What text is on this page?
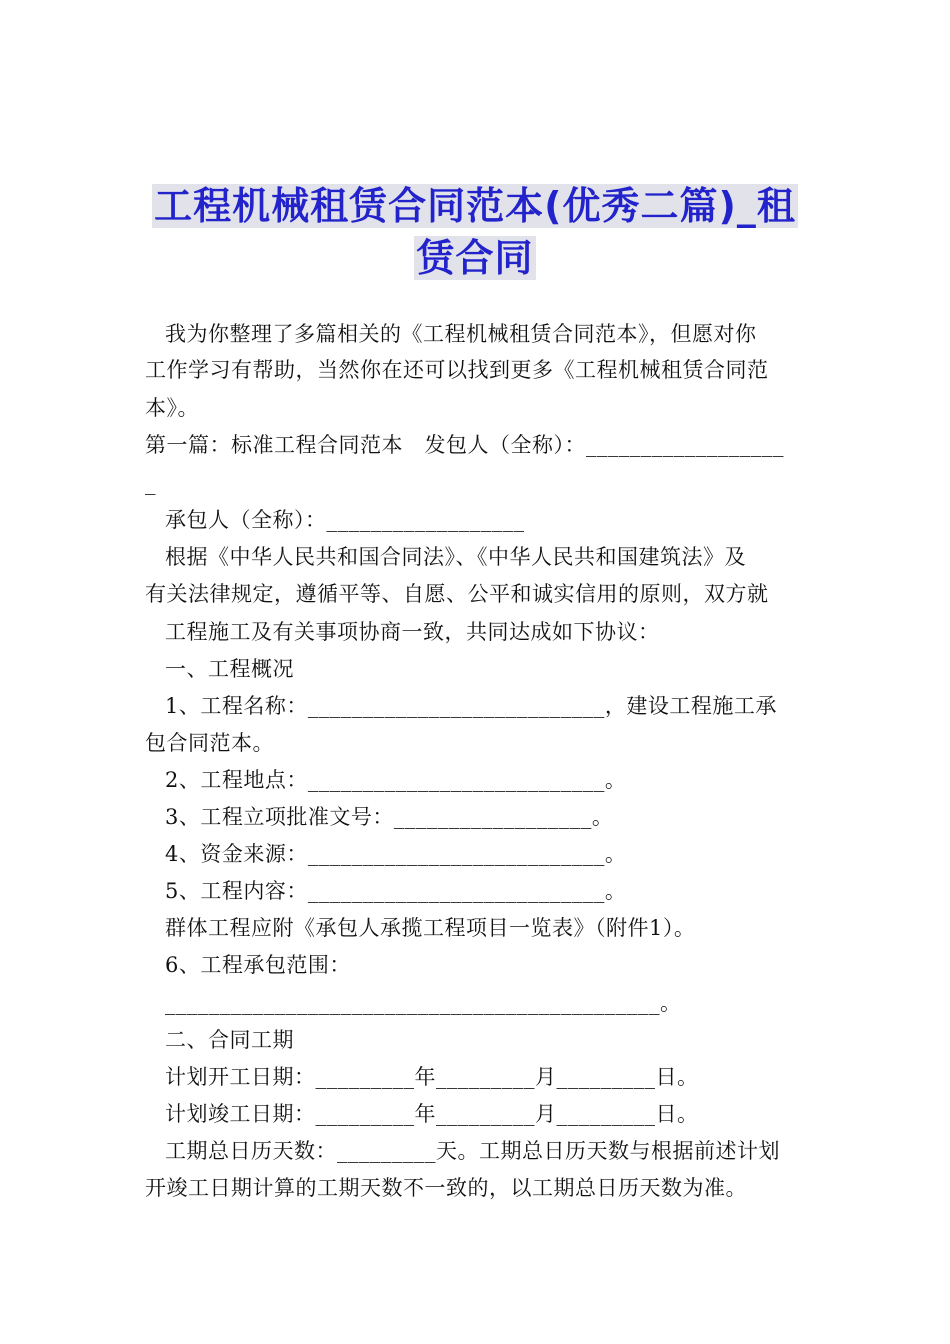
工程机械租赁合同范本(优秀二篇)_租
赁合同
我为你整理了多篇相关的《工程机械租赁合同范本》，但愿对你
工作学习有帮助，当然你在还可以找到更多《工程机械租赁合同范
本》。
第一篇：标准工程合同范本　发包人（全称）：__________________
_
承包人（全称）：__________________
根据《中华人民共和国合同法》、《中华人民共和国建筑法》及
有关法律规定，遵循平等、自愿、公平和诚实信用的原则，双方就
工程施工及有关事项协商一致，共同达成如下协议：
一、工程概况
1、工程名称：___________________________，建设工程施工承
包合同范本。
2、工程地点：___________________________。
3、工程立项批准文号：__________________。
4、资金来源：___________________________。
5、工程内容：___________________________。
群体工程应附《承包人承揽工程项目一览表》（附件1）。
6、工程承包范围：
_____________________________________________。
二、合同工期
计划开工日期：_________年_________月_________日。
计划竣工日期：_________年_________月_________日。
工期总日历天数：_________天。工期总日历天数与根据前述计划
开竣工日期计算的工期天数不一致的，以工期总日历天数为准。
